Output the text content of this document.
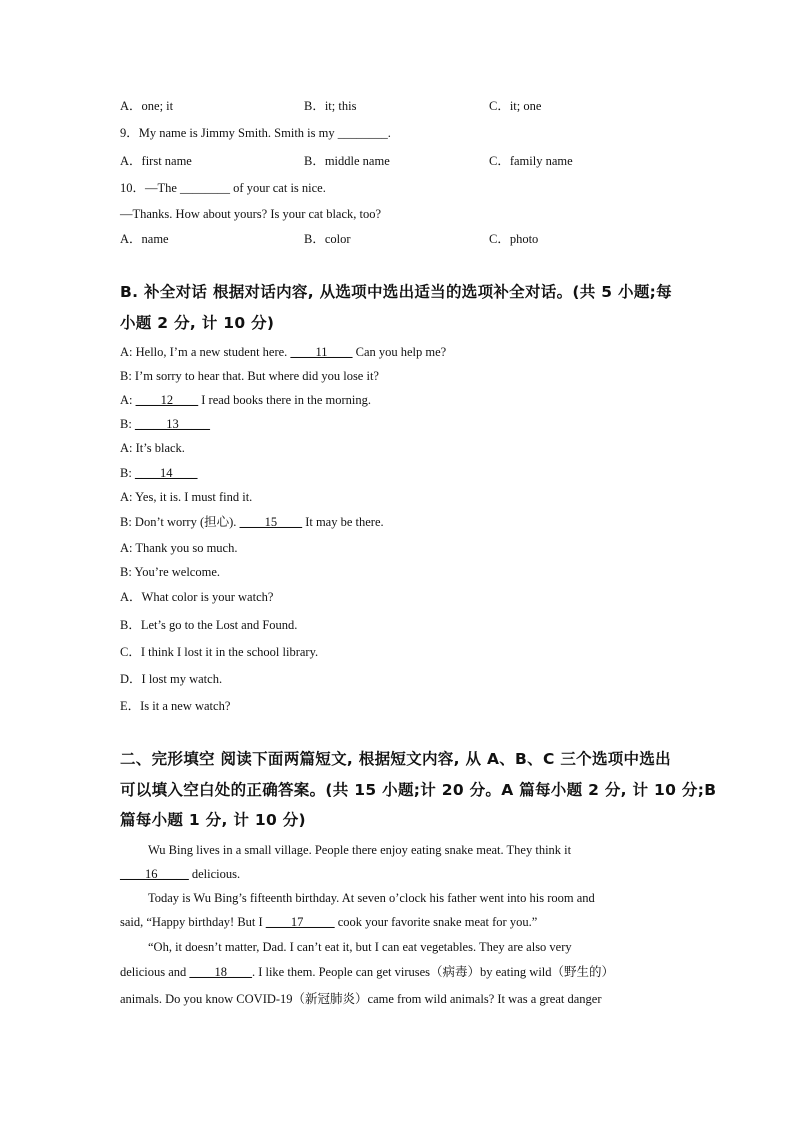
A．one; it	B．it; this	C．it; one
9．My name is Jimmy Smith. Smith is my ________.
A．first name	B．middle name	C．family name
10．—The ________ of your cat is nice.
—Thanks. How about yours? Is your cat black, too?
A．name	B．color	C．photo
B. 补全对话 根据对话内容, 从选项中选出适当的选项补全对话。(共 5 小题;每
小题 2 分, 计 10 分)
A: Hello, I’m a new student here. ____11____ Can you help me?
B: I’m sorry to hear that. But where did you lose it?
A: ____12____ I read books there in the morning.
B: _____13_____
A: It’s black.
B: ____14____
A: Yes, it is. I must find it.
B: Don’t worry (担心). ____15____ It may be there.
A: Thank you so much.
B: You’re welcome.
A．What color is your watch?
B．Let’s go to the Lost and Found.
C．I think I lost it in the school library.
D．I lost my watch.
E．Is it a new watch?
二、完形填空 阅读下面两篇短文, 根据短文内容, 从 A、B、C 三个选项中选出
可以填入空白处的正确答案。(共 15 小题;计 20 分。A 篇每小题 2 分, 计 10 分;B
篇每小题 1 分, 计 10 分)
Wu Bing lives in a small village. People there enjoy eating snake meat. They think it
____16_____ delicious.
Today is Wu Bing’s fifteenth birthday. At seven o’clock his father went into his room and
said, “Happy birthday! But I ____17_____ cook your favorite snake meat for you.”
“Oh, it doesn’t matter, Dad. I can’t eat it, but I can eat vegetables. They are also very
delicious and ____18____. I like them. People can get viruses（病毒）by eating wild（野生的）
animals. Do you know COVID-19（新冠肺炎）came from wild animals? It was a great danger
